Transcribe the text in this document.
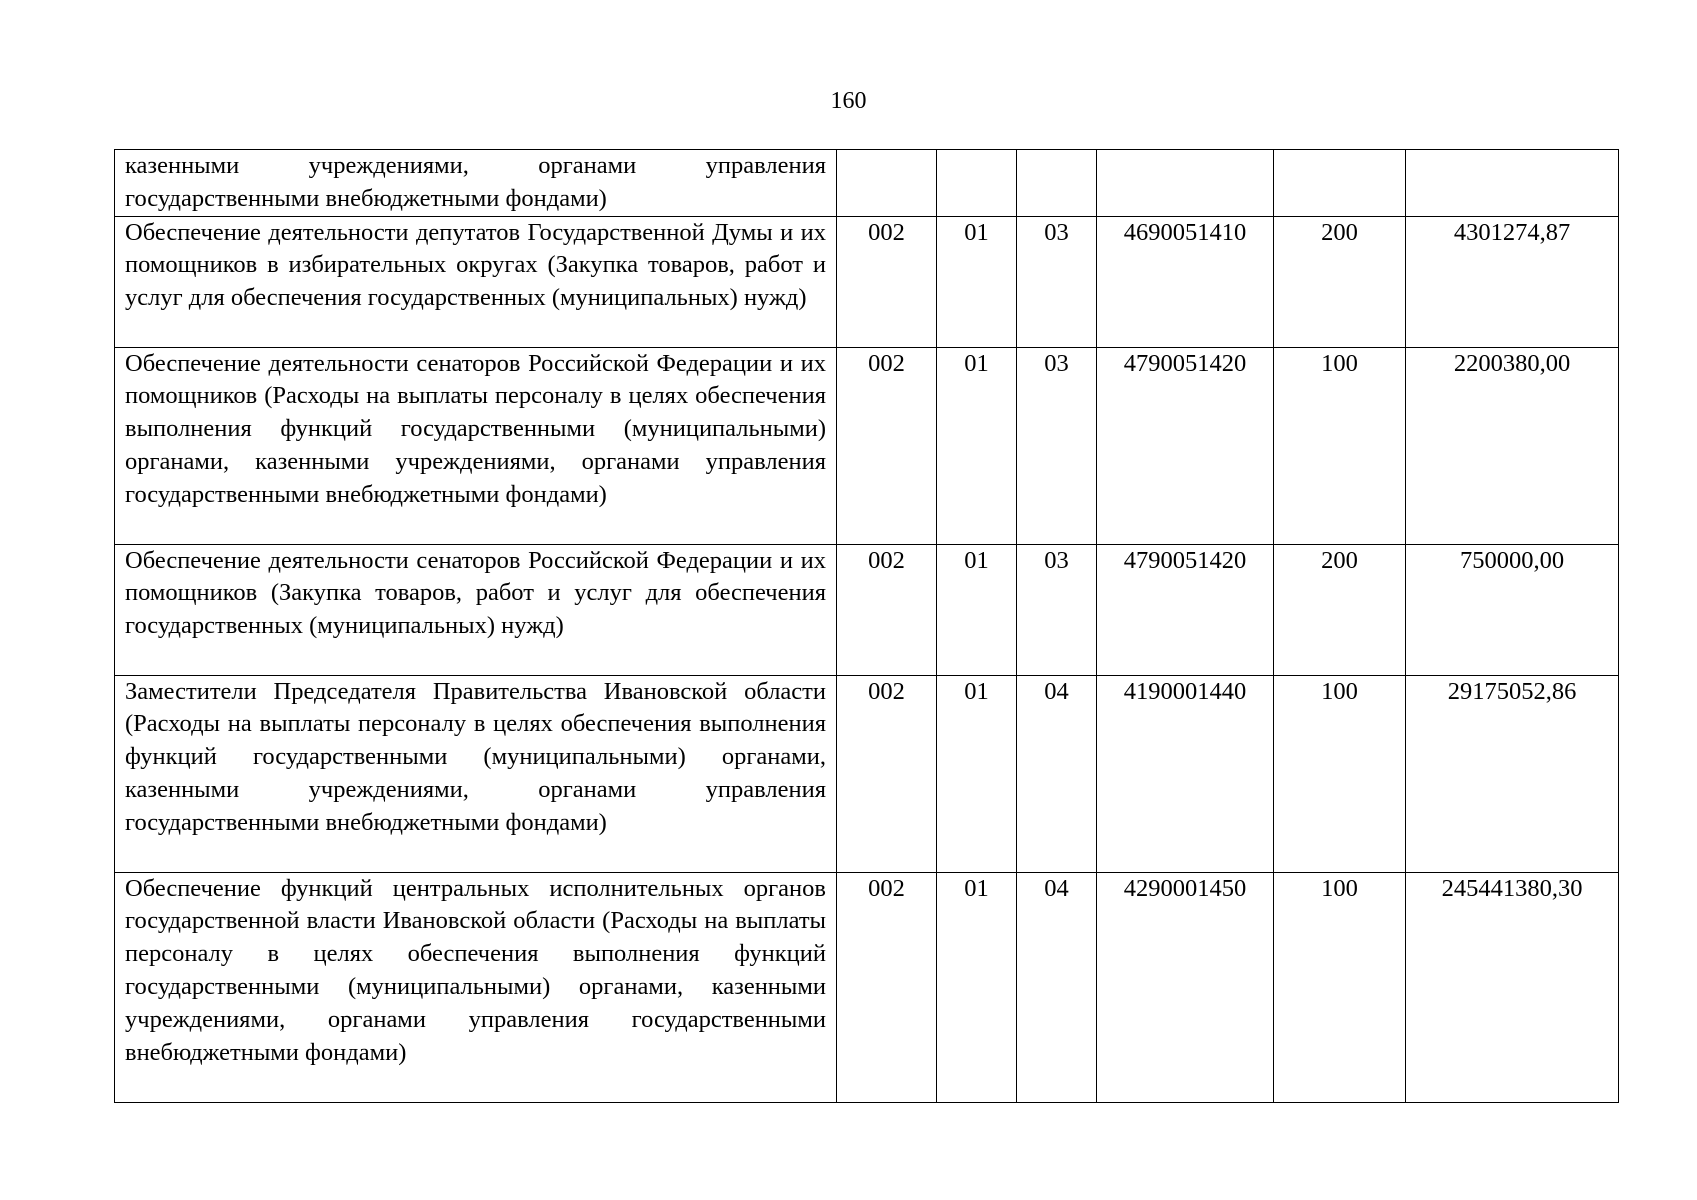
160
казенными учреждениями, органами управления государственными внебюджетными фондами)						
Обеспечение деятельности депутатов Государственной Думы и их помощников в избирательных округах (Закупка товаров, работ и услуг для обеспечения государственных (муниципальных) нужд)	002	01	03	4690051410	200	4301274,87
Обеспечение деятельности сенаторов Российской Федерации и их помощников (Расходы на выплаты персоналу в целях обеспечения выполнения функций государственными (муниципальными) органами, казенными учреждениями, органами управления государственными внебюджетными фондами)	002	01	03	4790051420	100	2200380,00
Обеспечение деятельности сенаторов Российской Федерации и их помощников (Закупка товаров, работ и услуг для обеспечения государственных (муниципальных) нужд)	002	01	03	4790051420	200	750000,00
Заместители Председателя Правительства Ивановской области (Расходы на выплаты персоналу в целях обеспечения выполнения функций государственными (муниципальными) органами, казенными учреждениями, органами управления государственными внебюджетными фондами)	002	01	04	4190001440	100	29175052,86
Обеспечение функций центральных исполнительных органов государственной власти Ивановской области (Расходы на выплаты персоналу в целях обеспечения выполнения функций государственными (муниципальными) органами, казенными учреждениями, органами управления государственными внебюджетными фондами)	002	01	04	4290001450	100	245441380,30
